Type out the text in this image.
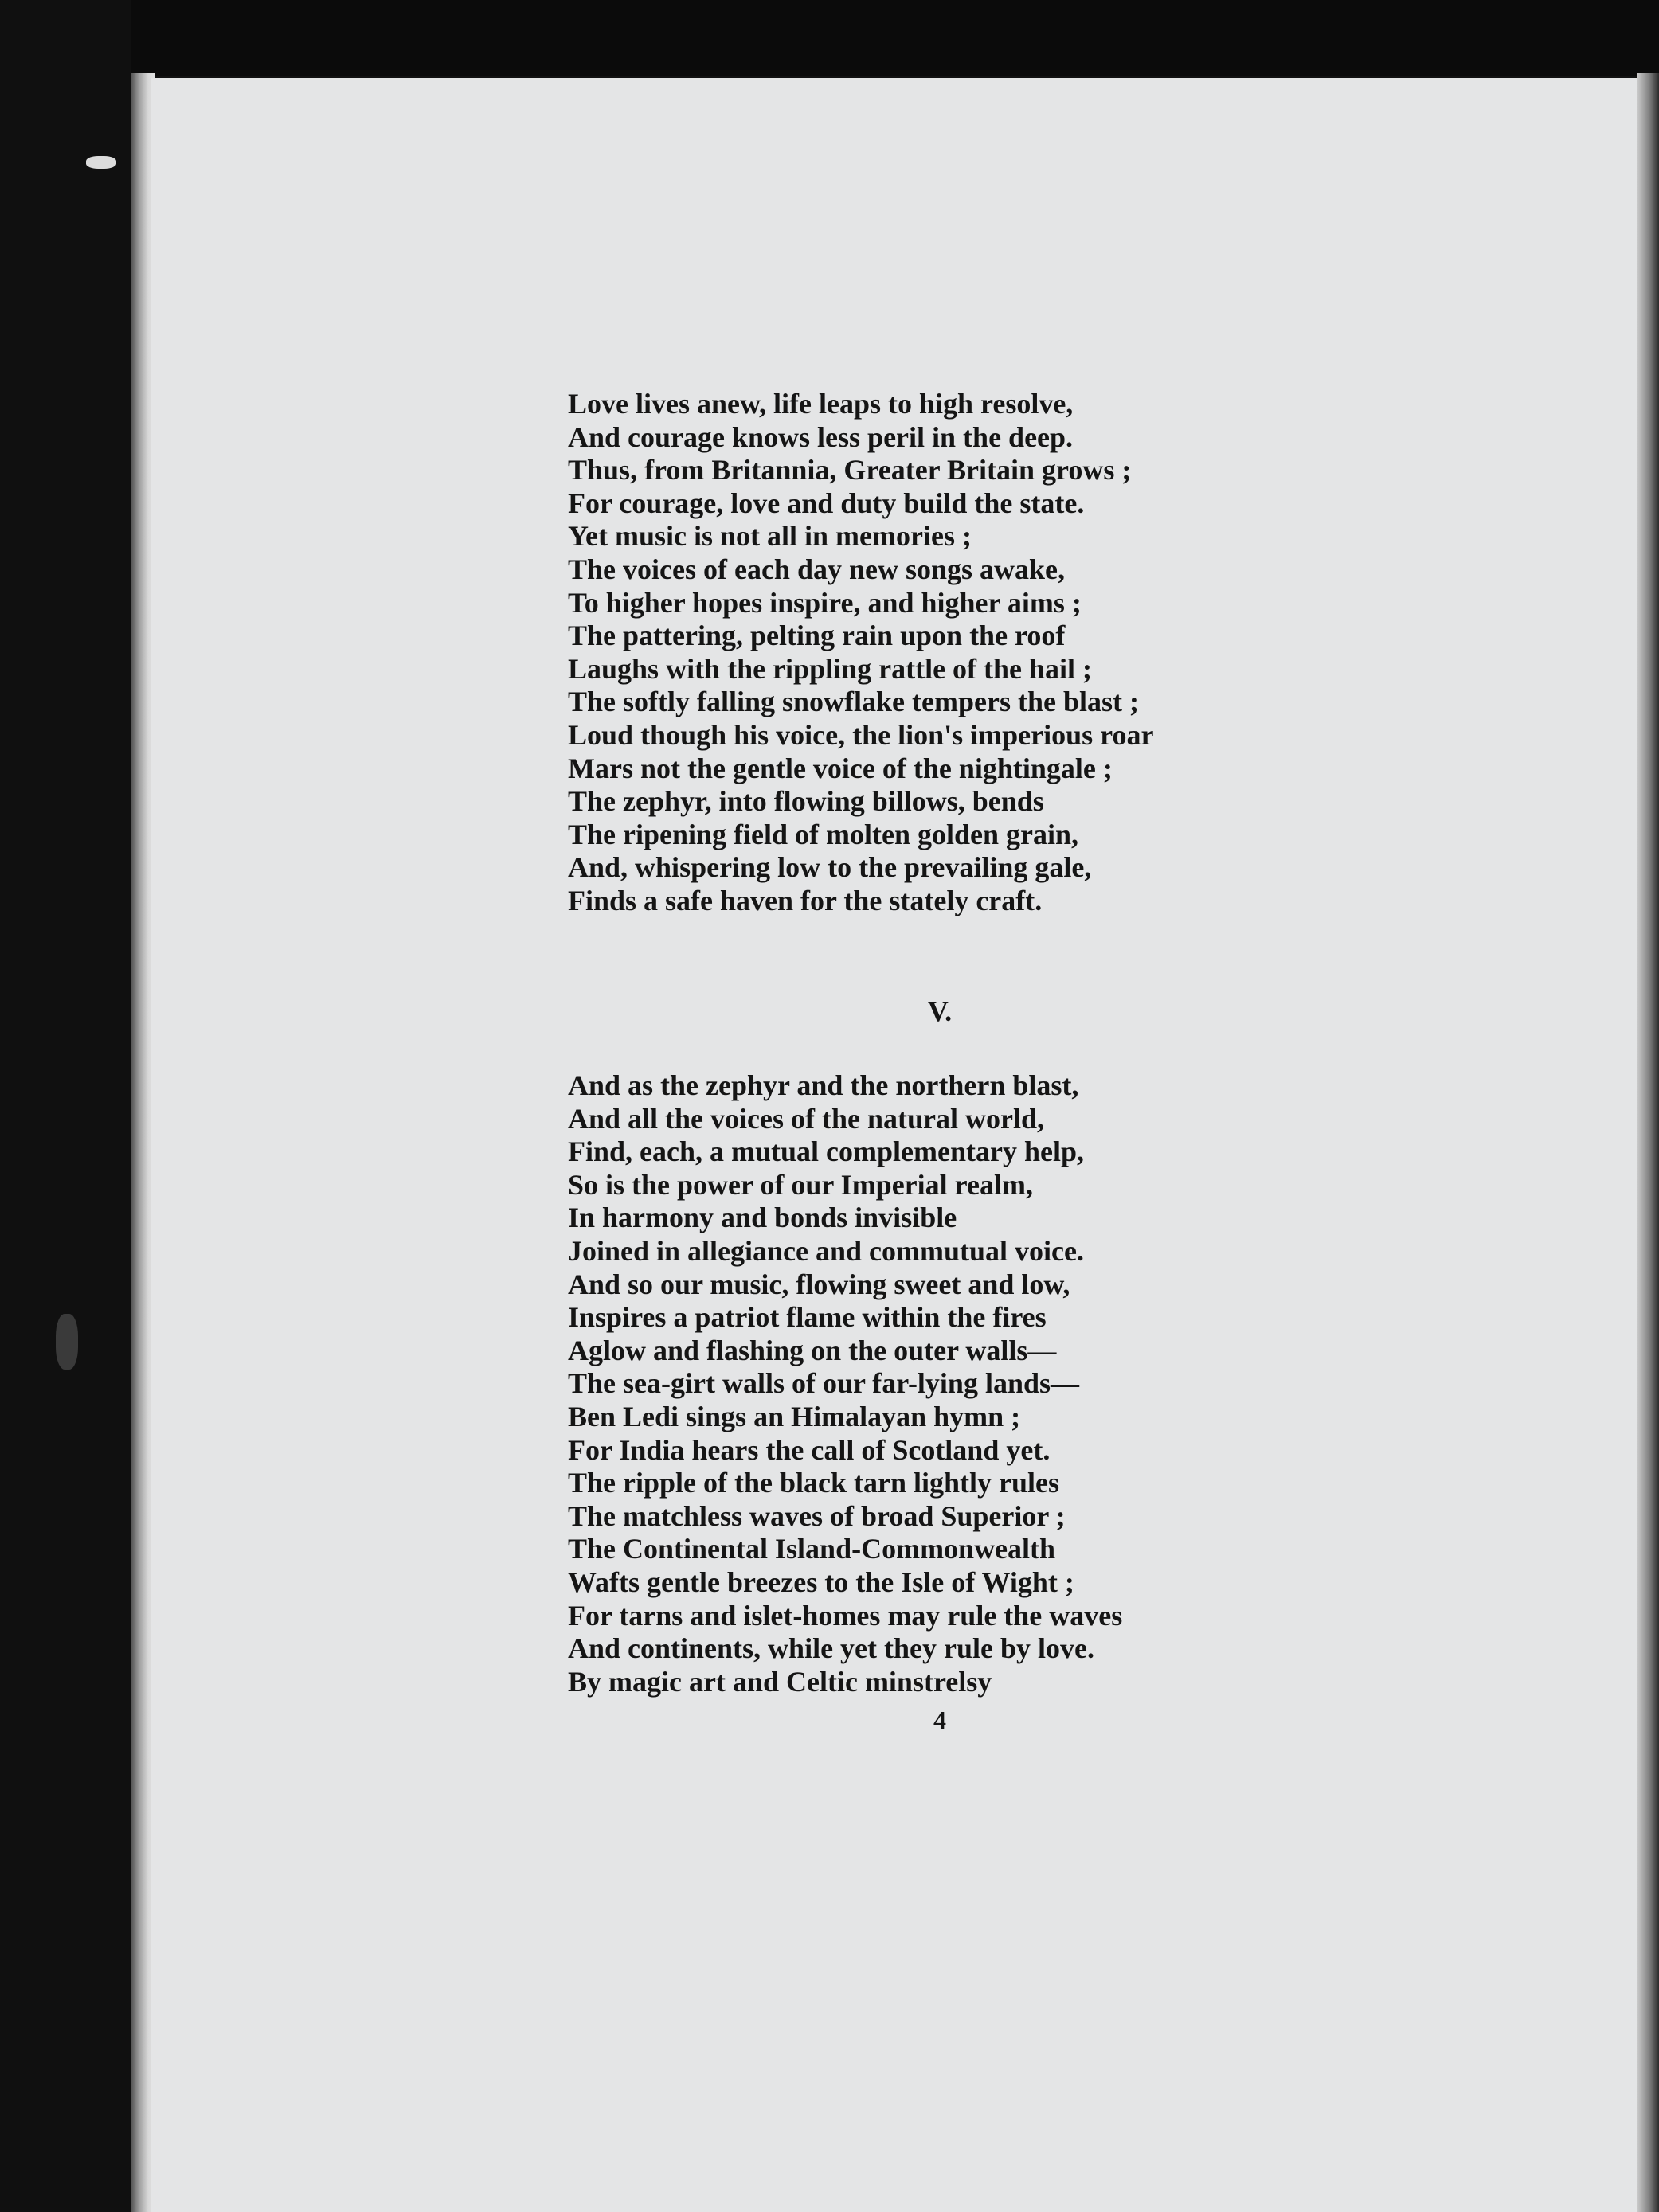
Love lives anew, life leaps to high resolve,
And courage knows less peril in the deep.
Thus, from Britannia, Greater Britain grows ;
For courage, love and duty build the state.
Yet music is not all in memories ;
The voices of each day new songs awake,
To higher hopes inspire, and higher aims ;
The pattering, pelting rain upon the roof
Laughs with the rippling rattle of the hail ;
The softly falling snowflake tempers the blast ;
Loud though his voice, the lion's imperious roar
Mars not the gentle voice of the nightingale ;
The zephyr, into flowing billows, bends
The ripening field of molten golden grain,
And, whispering low to the prevailing gale,
Finds a safe haven for the stately craft.
V.
And as the zephyr and the northern blast,
And all the voices of the natural world,
Find, each, a mutual complementary help,
So is the power of our Imperial realm,
In harmony and bonds invisible
Joined in allegiance and commutual voice.
And so our music, flowing sweet and low,
Inspires a patriot flame within the fires
Aglow and flashing on the outer walls—
The sea-girt walls of our far-lying lands—
Ben Ledi sings an Himalayan hymn ;
For India hears the call of Scotland yet.
The ripple of the black tarn lightly rules
The matchless waves of broad Superior ;
The Continental Island-Commonwealth
Wafts gentle breezes to the Isle of Wight ;
For tarns and islet-homes may rule the waves
And continents, while yet they rule by love.
By magic art and Celtic minstrelsy
4
